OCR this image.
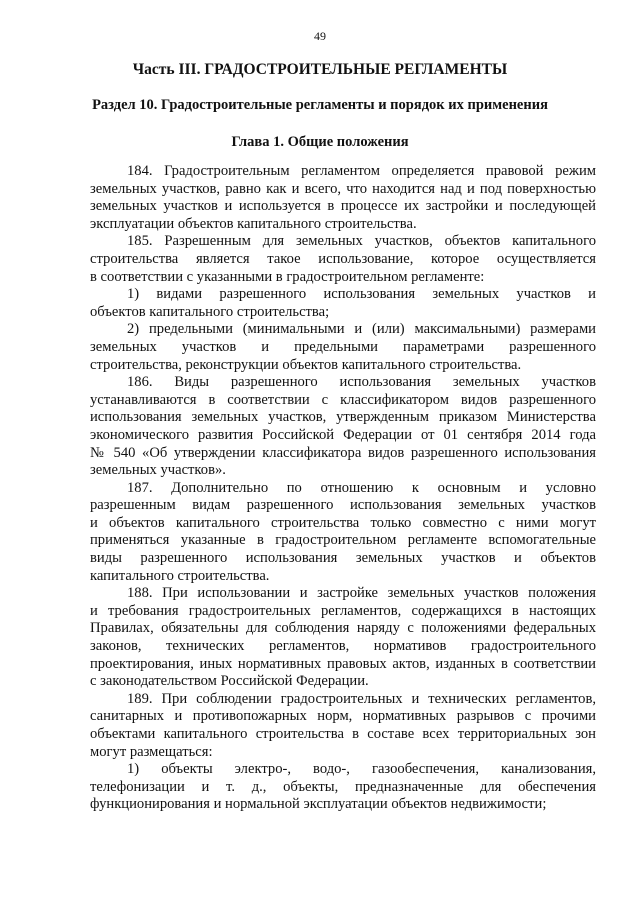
49
Часть III. ГРАДОСТРОИТЕЛЬНЫЕ РЕГЛАМЕНТЫ
Раздел 10. Градостроительные регламенты и порядок их применения
Глава 1. Общие положения
184. Градостроительным регламентом определяется правовой режим
земельных участков, равно как и всего, что находится над и под поверхностью
земельных участков и используется в процессе их застройки и последующей
эксплуатации объектов капитального строительства.
185. Разрешенным для земельных участков, объектов капитального
строительства является такое использование, которое осуществляется
в соответствии с указанными в градостроительном регламенте:
1) видами разрешенного использования земельных участков и
объектов капитального строительства;
2) предельными (минимальными и (или) максимальными) размерами
земельных участков и предельными параметрами разрешенного
строительства, реконструкции объектов капитального строительства.
186. Виды разрешенного использования земельных участков
устанавливаются в соответствии с классификатором видов разрешенного
использования земельных участков, утвержденным приказом Министерства
экономического развития Российской Федерации от 01 сентября 2014 года
№ 540 «Об утверждении классификатора видов разрешенного использования
земельных участков».
187. Дополнительно по отношению к основным и условно
разрешенным видам разрешенного использования земельных участков
и объектов капитального строительства только совместно с ними могут
применяться указанные в градостроительном регламенте вспомогательные
виды разрешенного использования земельных участков и объектов
капитального строительства.
188. При использовании и застройке земельных участков положения
и требования градостроительных регламентов, содержащихся в настоящих
Правилах, обязательны для соблюдения наряду с положениями федеральных
законов, технических регламентов, нормативов градостроительного
проектирования, иных нормативных правовых актов, изданных в соответствии
с законодательством Российской Федерации.
189. При соблюдении градостроительных и технических регламентов,
санитарных и противопожарных норм, нормативных разрывов с прочими
объектами капитального строительства в составе всех территориальных зон
могут размещаться:
1) объекты электро-, водо-, газообеспечения, канализования,
телефонизации и т. д., объекты, предназначенные для обеспечения
функционирования и нормальной эксплуатации объектов недвижимости;
